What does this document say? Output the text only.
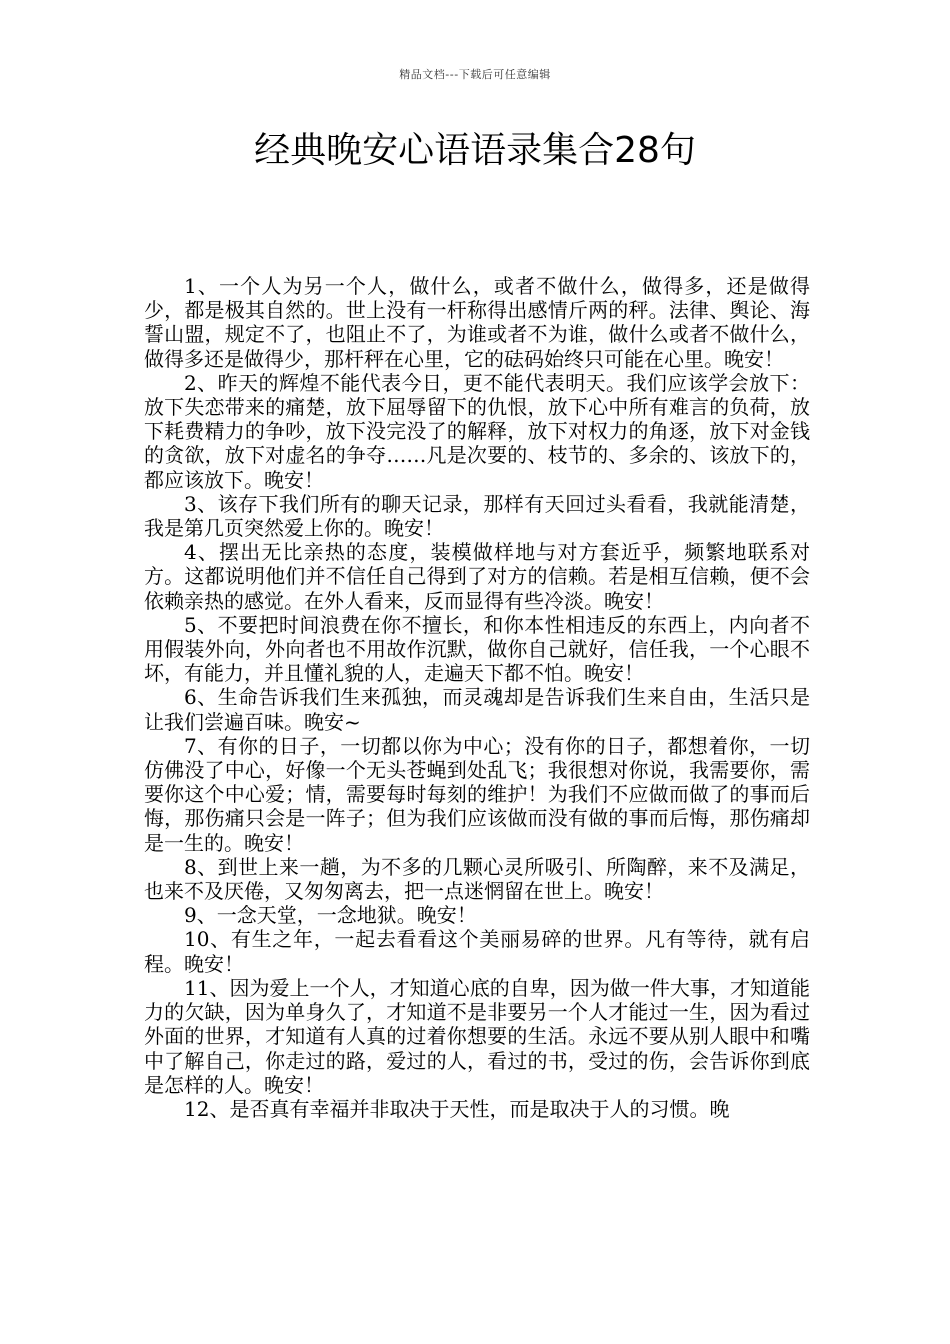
精品文档---下载后可任意编辑
经典晚安心语语录集合28句

1、一个人为另一个人，做什么，或者不做什么，做得多，还是做得少，都是极其自然的。世上没有一杆称得出感情斤两的秤。法律、舆论、海誓山盟，规定不了，也阻止不了，为谁或者不为谁，做什么或者不做什么，做得多还是做得少，那杆秤在心里，它的砝码始终只可能在心里。晚安！

2、昨天的辉煌不能代表今日，更不能代表明天。我们应该学会放下：放下失恋带来的痛楚，放下屈辱留下的仇恨，放下心中所有难言的负荷，放下耗费精力的争吵，放下没完没了的解释，放下对权力的角逐，放下对金钱的贪欲，放下对虚名的争夺……凡是次要的、枝节的、多余的、该放下的，都应该放下。晚安！

3、该存下我们所有的聊天记录，那样有天回过头看看，我就能清楚，我是第几页突然爱上你的。晚安！

4、摆出无比亲热的态度，装模做样地与对方套近乎，频繁地联系对方。这都说明他们并不信任自己得到了对方的信赖。若是相互信赖，便不会依赖亲热的感觉。在外人看来，反而显得有些冷淡。晚安！

5、不要把时间浪费在你不擅长，和你本性相违反的东西上，内向者不用假装外向，外向者也不用故作沉默，做你自己就好，信任我，一个心眼不坏，有能力，并且懂礼貌的人，走遍天下都不怕。晚安！

6、生命告诉我们生来孤独，而灵魂却是告诉我们生来自由，生活只是让我们尝遍百味。晚安~

7、有你的日子，一切都以你为中心；没有你的日子，都想着你，一切仿佛没了中心，好像一个无头苍蝇到处乱飞；我很想对你说，我需要你，需要你这个中心爱；情，需要每时每刻的维护！为我们不应做而做了的事而后悔，那伤痛只会是一阵子；但为我们应该做而没有做的事而后悔，那伤痛却是一生的。晚安！

8、到世上来一趟，为不多的几颗心灵所吸引、所陶醉，来不及满足，也来不及厌倦，又匆匆离去，把一点迷惘留在世上。晚安！

9、一念天堂，一念地狱。晚安！

10、有生之年，一起去看看这个美丽易碎的世界。凡有等待，就有启程。晚安！

11、因为爱上一个人，才知道心底的自卑，因为做一件大事，才知道能力的欠缺，因为单身久了，才知道不是非要另一个人才能过一生，因为看过外面的世界，才知道有人真的过着你想要的生活。永远不要从别人眼中和嘴中了解自己，你走过的路，爱过的人，看过的书，受过的伤，会告诉你到底是怎样的人。晚安！

12、是否真有幸福并非取决于天性，而是取决于人的习惯。晚
